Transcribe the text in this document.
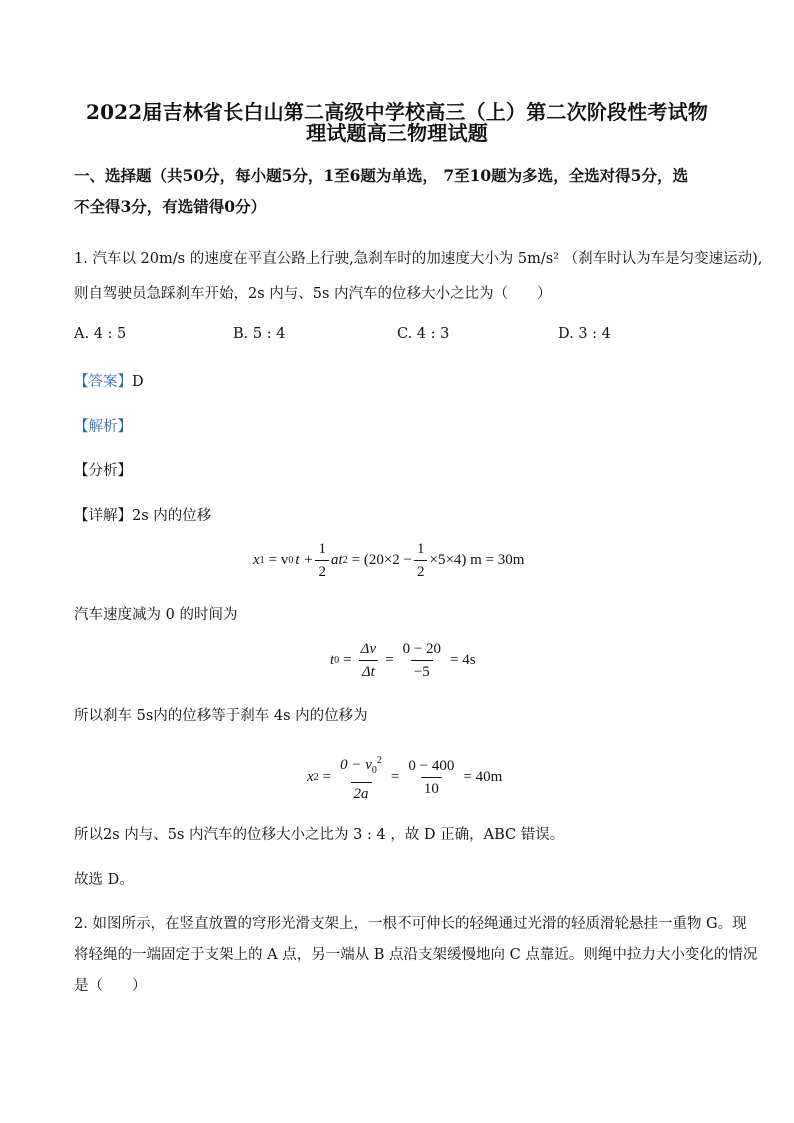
2022届吉林省长白山第二高级中学校高三（上）第二次阶段性考试物
理试题高三物理试题
一、选择题（共50分，每小题5分，1至6题为单选， 7至10题为多选，全选对得5分，选
不全得3分，有选错得0分）
1. 汽车以 20m/s 的速度在平直公路上行驶,急刹车时的加速度大小为 5m/s² （刹车时认为车是匀变速运动),
则自驾驶员急踩刹车开始，2s 内与、5s 内汽车的位移大小之比为（　　）
A. 4 : 5	B. 5 : 4	C. 4 : 3	D. 3 : 4
【答案】D
【解析】
【分析】
【详解】2s 内的位移
x 1 = v 0 $t + \frac{1}{2}$ at $2 = (20\times 2 - \frac{1}{2} \times 5\times 4)$ m = 30m
汽车速度减为 0 的时间为
t $0 = \frac{\Delta v}{\Delta t} = \frac{0 - 20}{-5} = 4s$
所以刹车 5s内的位移等于刹车 4s 内的位移为
x $2 = \frac{0 - v_0^2}{2a} = \frac{0 - 400}{10} = 40m$
所以2s 内与、5s 内汽车的位移大小之比为 3 : 4 ，故 D 正确，ABC 错误。
故选 D。
2. 如图所示，在竖直放置的穹形光滑支架上，一根不可伸长的轻绳通过光滑的轻质滑轮悬挂一重物 G。现
将轻绳的一端固定于支架上的 A 点，另一端从 B 点沿支架缓慢地向 C 点靠近。则绳中拉力大小变化的情况
是（　　）
